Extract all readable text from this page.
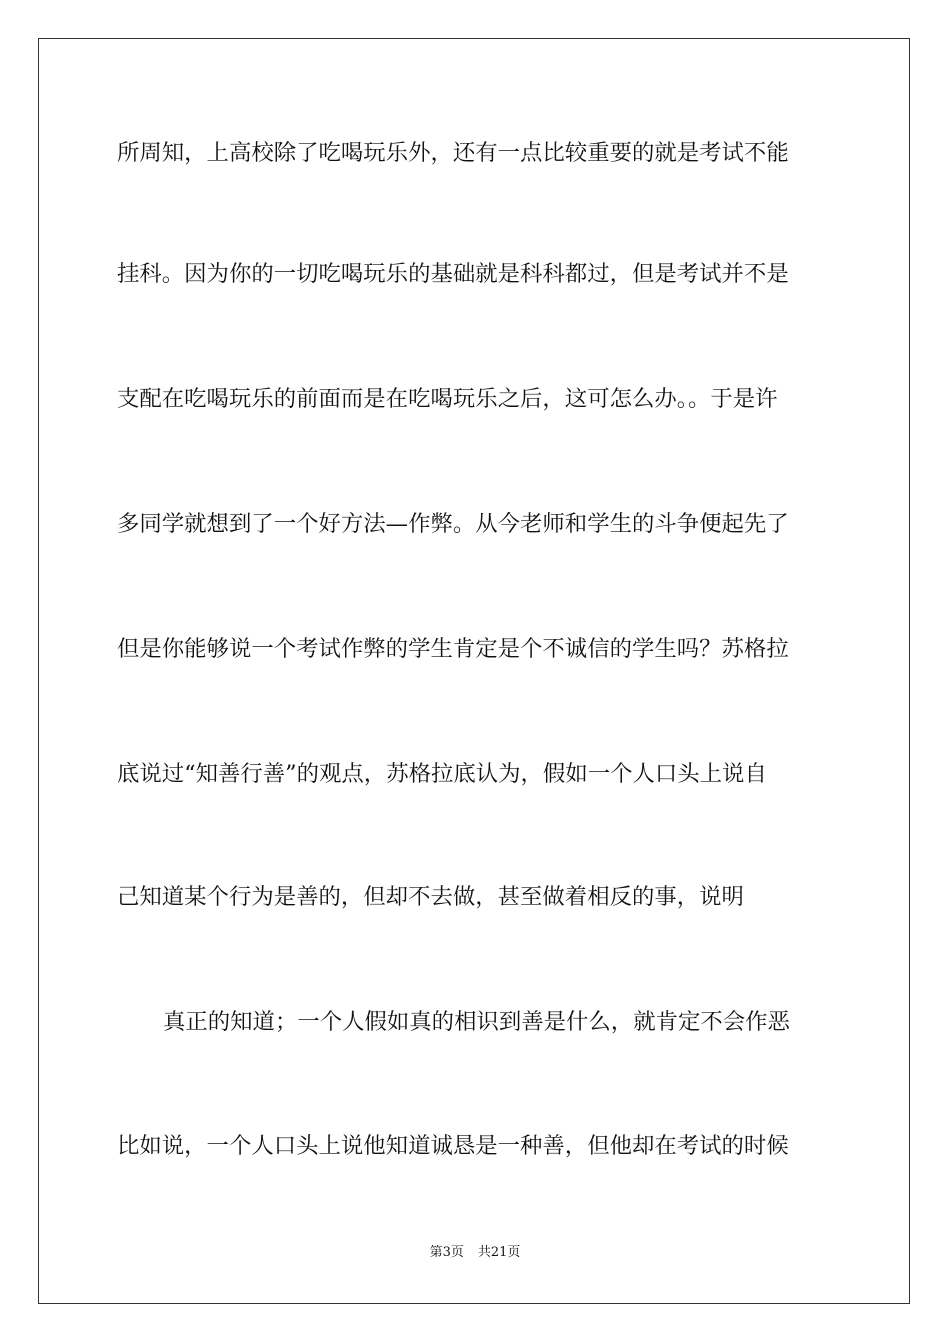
所周知，上高校除了吃喝玩乐外，还有一点比较重要的就是考试不能
挂科。因为你的一切吃喝玩乐的基础就是科科都过，但是考试并不是
支配在吃喝玩乐的前面而是在吃喝玩乐之后，这可怎么办。。于是许
多同学就想到了一个好方法—作弊。从今老师和学生的斗争便起先了
但是你能够说一个考试作弊的学生肯定是个不诚信的学生吗？苏格拉
底说过“知善行善”的观点，苏格拉底认为，假如一个人口头上说自
己知道某个行为是善的，但却不去做，甚至做着相反的事，说明
真正的知道；一个人假如真的相识到善是什么，就肯定不会作恶
比如说，一个人口头上说他知道诚恳是一种善，但他却在考试的时候
第3页 共21页
